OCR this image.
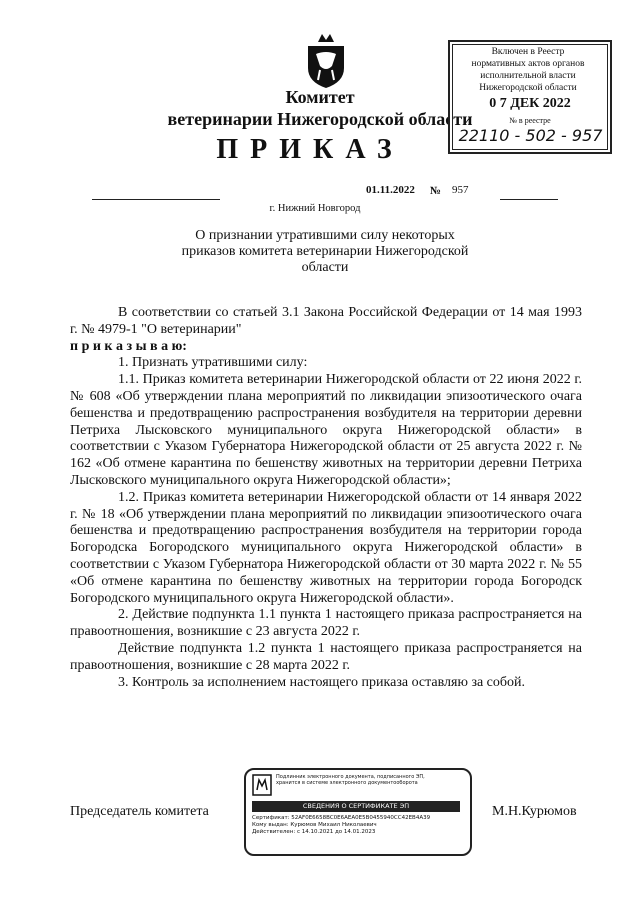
Комитет
ветеринарии Нижегородской области
ПРИКАЗ
Включен в Реестр
нормативных актов органов
исполнительной власти
Нижегородской области
0 7 ДЕК 2022
№ в реестре
22110 - 502 - 957
01.11.2022 № 957
г. Нижний Новгород
О признании утратившими силу некоторых
приказов комитета ветеринарии Нижегородской
области

В соответствии со статьей 3.1 Закона Российской Федерации от 14 мая 1993 г. № 4979-1 "О ветеринарии"

п р и к а з ы в а ю:

1. Признать утратившими силу:

1.1. Приказ комитета ветеринарии Нижегородской области от 22 июня 2022 г. № 608 «Об утверждении плана мероприятий по ликвидации эпизоотического очага бешенства и предотвращению распространения возбудителя на территории деревни Петриха Лысковского муниципального округа Нижегородской области» в соответствии с Указом Губернатора Нижегородской области от 25 августа 2022 г. № 162 «Об отмене карантина по бешенству животных на территории деревни Петриха Лысковского муниципального округа Нижегородской области»;

1.2. Приказ комитета ветеринарии Нижегородской области от 14 января 2022 г. № 18 «Об утверждении плана мероприятий по ликвидации эпизоотического очага бешенства и предотвращению распространения возбудителя на территории города Богородска Богородского муниципального округа Нижегородской области» в соответствии с Указом Губернатора Нижегородской области от 30 марта 2022 г. № 55 «Об отмене карантина по бешенству животных на территории города Богородск Богородского муниципального округа Нижегородской области».

2. Действие подпункта 1.1 пункта 1 настоящего приказа распространяется на правоотношения, возникшие с 23 августа 2022 г.

Действие подпункта 1.2 пункта 1 настоящего приказа распространяется на правоотношения, возникшие с 28 марта 2022 г.

3. Контроль за исполнением настоящего приказа оставляю за собой.

Председатель комитета	М.Н.Курюмов
Подлинник электронного документа, подписанного ЭП,
хранится в системе электронного документооборота
СВЕДЕНИЯ О СЕРТИФИКАТЕ ЭП
Сертификат: 52AF0E6658BC0E6AEA0E5B0455940CC42EB4A39
Кому выдан: Курюмов Михаил Николаевич
Действителен: с 14.10.2021 до 14.01.2023
